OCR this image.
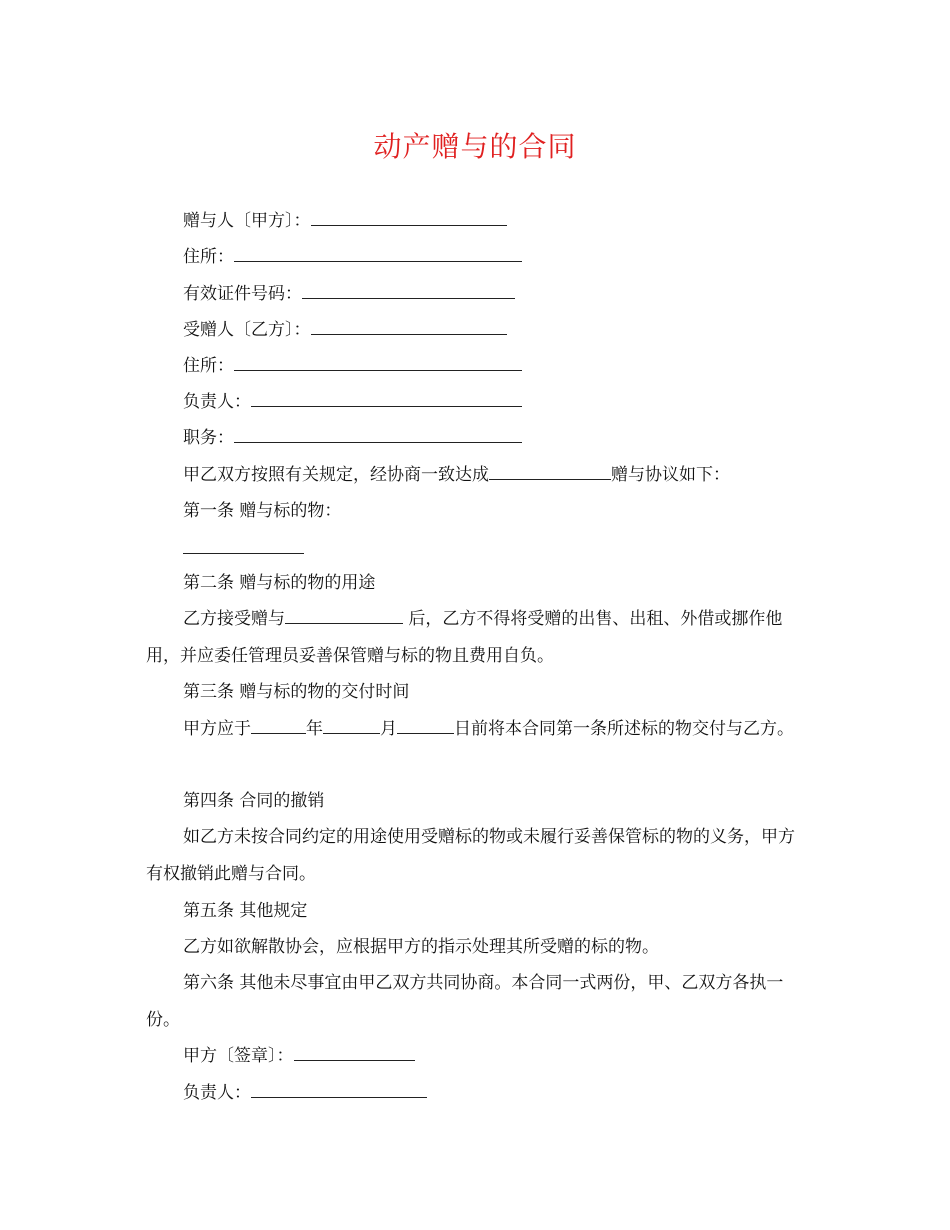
动产赠与的合同
赠与人〔甲方〕：
住所：
有效证件号码：
受赠人〔乙方〕：
住所：
负责人：
职务：
甲乙双方按照有关规定，经协商一致达成	赠与协议如下：
第一条 赠与标的物：
第二条 赠与标的物的用途
乙方接受赠与	后，乙方不得将受赠的出售、出租、外借或挪作他用，并应委任管理员妥善保管赠与标的物且费用自负。
第三条 赠与标的物的交付时间
甲方应于	年	月	日前将本合同第一条所述标的物交付与乙方。
第四条 合同的撤销
如乙方未按合同约定的用途使用受赠标的物或未履行妥善保管标的物的义务，甲方有权撤销此赠与合同。
第五条 其他规定
乙方如欲解散协会，应根据甲方的指示处理其所受赠的标的物。
第六条 其他未尽事宜由甲乙双方共同协商。本合同一式两份，甲、乙双方各执一份。
甲方〔签章〕：
负责人：
